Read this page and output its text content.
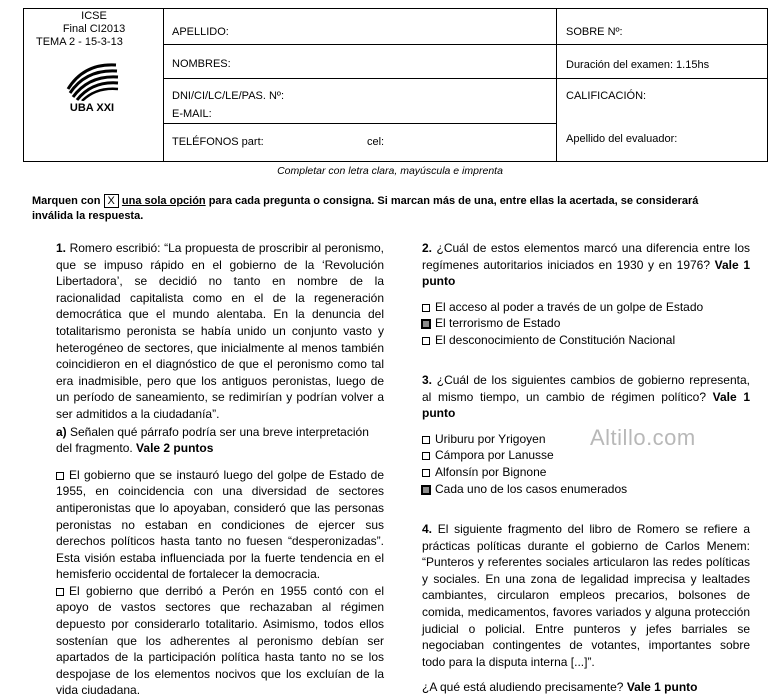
ICSE
Final CI2013
TEMA 2 - 15-3-13
UBA XXI
APELLIDO:
NOMBRES:
DNI/CI/LC/LE/PAS. Nº:
E-MAIL:
TELÉFONOS part:	cel:
SOBRE Nº:
Duración del examen: 1.15hs
CALIFICACIÓN:
Apellido del evaluador:
Completar con letra clara, mayúscula e imprenta
Marquen con X una sola opción para cada pregunta o consigna. Si marcan más de una, entre ellas la acertada, se considerará inválida la respuesta.

1. Romero escribió: “La propuesta de proscribir al peronismo, que se impuso rápido en el gobierno de la ‘Revolución Libertadora’, se decidió no tanto en nombre de la racionalidad capitalista como en el de la regeneración democrática que el mundo alentaba. En la denuncia del totalitarismo peronista se había unido un conjunto vasto y heterogéneo de sectores, que inicialmente al menos también coincidieron en el diagnóstico de que el peronismo como tal era inadmisible, pero que los antiguos peronistas, luego de un período de saneamiento, se redimirían y podrían volver a ser admitidos a la ciudadanía”.

a) Señalen qué párrafo podría ser una breve interpretación del fragmento. Vale 2 puntos

El gobierno que se instauró luego del golpe de Estado de 1955, en coincidencia con una diversidad de sectores antiperonistas que lo apoyaban, consideró que las personas peronistas no estaban en condiciones de ejercer sus derechos políticos hasta tanto no fuesen “desperonizadas”. Esta visión estaba influenciada por la fuerte tendencia en el hemisferio occidental de fortalecer la democracia.

El gobierno que derribó a Perón en 1955 contó con el apoyo de vastos sectores que rechazaban al régimen depuesto por considerarlo totalitario. Asimismo, todos ellos sostenían que los adherentes al peronismo debían ser apartados de la participación política hasta tanto no se los despojase de los elementos nocivos que los excluían de la vida ciudadana.

2. ¿Cuál de estos elementos marcó una diferencia entre los regímenes autoritarios iniciados en 1930 y en 1976? Vale 1 punto

El acceso al poder a través de un golpe de Estado
El terrorismo de Estado
El desconocimiento de Constitución Nacional

3. ¿Cuál de los siguientes cambios de gobierno representa, al mismo tiempo, un cambio de régimen político? Vale 1 punto

Uriburu por Yrigoyen
Cámpora por Lanusse
Alfonsín por Bignone
Cada uno de los casos enumerados
Altillo.com

4. El siguiente fragmento del libro de Romero se refiere a prácticas políticas durante el gobierno de Carlos Menem: “Punteros y referentes sociales articularon las redes políticas y sociales. En una zona de legalidad imprecisa y lealtades cambiantes, circularon empleos precarios, bolsones de comida, medicamentos, favores variados y alguna protección judicial o policial. Entre punteros y jefes barriales se negociaban contingentes de votantes, importantes sobre todo para la disputa interna [...]”.

¿A qué está aludiendo precisamente? Vale 1 punto
